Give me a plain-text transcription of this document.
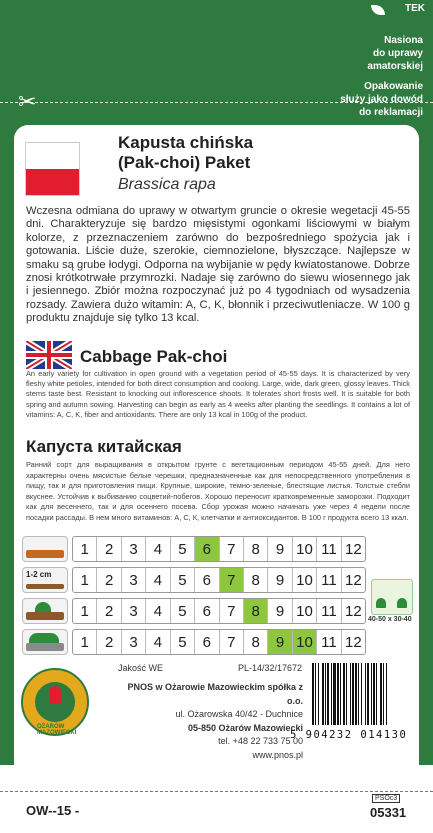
TEK
Nasiona
do uprawy
amatorskiej
Opakowanie
służy jako dowód
do reklamacji
✂
Kapusta chińska
(Pak-choi) Paket
Brassica rapa
Wczesna odmiana do uprawy w otwartym gruncie o okresie wegetacji 45-55 dni. Charakteryzuje się bardzo mięsistymi ogonkami liściowymi w białym kolorze, z przeznaczeniem zarówno do bezpośredniego spożycia jak i gotowania. Liście duże, szerokie, ciemnozielone, błyszczące. Najlepsze w smaku są grube łodygi. Odporna na wybijanie w pędy kwiatostanowe. Dobrze znosi krótkotrwałe przymrozki. Nadaje się zarówno do siewu wiosennego jak i jesiennego. Zbiór można rozpoczynać już po 4 tygodniach od wysadzenia rozsady. Zawiera dużo witamin: A, C, K, błonnik i przeciwutleniacze. W 100 g produktu znajduje się tylko 13 kcal.
Cabbage Pak-choi
An early variety for cultivation in open ground with a vegetation period of 45-55 days. It is characterized by very fleshy white petioles, intended for both direct consumption and cooking. Large, wide, dark green, glossy leaves. Thick stems taste best. Resistant to knocking out inflorescence shoots. It tolerates short frosts well. It is suitable for both spring and autumn sowing. Harvesting can begin as early as 4 weeks after planting the seedlings. It contains a lot of vitamins: A, C, K, fiber and antioxidants. There are only 13 kcal in 100g of the product.
Капуста китайская
Ранний сорт для выращивания в открытом грунте с вегетационным периодом 45-55 дней. Для него характерны очень мясистые белые черешки, предназначенные как для непосредственного употребления в пищу, так и для приготовления пищи. Крупные, широкие, темно-зеленые, блестящие листья. Толстые стебли вкуснее. Устойчив к выбиванию соцветий-побегов. Хорошо переносит кратковременные заморозки. Подходит как для весеннего, так и для осеннего посева. Сбор урожая можно начинать уже через 4 недели после посадки рассады. В нем много витаминов: А, С, К, клетчатки и антиоксидантов. В 100 г продукта всего 13 ккал.
1	2	3	4	5	6	7	8	9 10 11 12
1-2 cm	1	2	3	4	5	6	7	8	9 10 11 12
1	2	3	4	5	6	7	8	9 10 11 12
1	2	3	4	5	6	7	8	9 10 11 12
40-50 x 30-40
OŻARÓW MAZOWIECKI
Jakość WE	PL-14/32/17672
PNOS w Ożarowie Mazowieckim spółka z o.o.
ul. Ożarowska 40/42 - Duchnice
05-850 Ożarów Mazowiecki
tel. +48 22 733 75 00
www.pnos.pl
5 904232 014130
OW--15 -
PSOc3
05331
